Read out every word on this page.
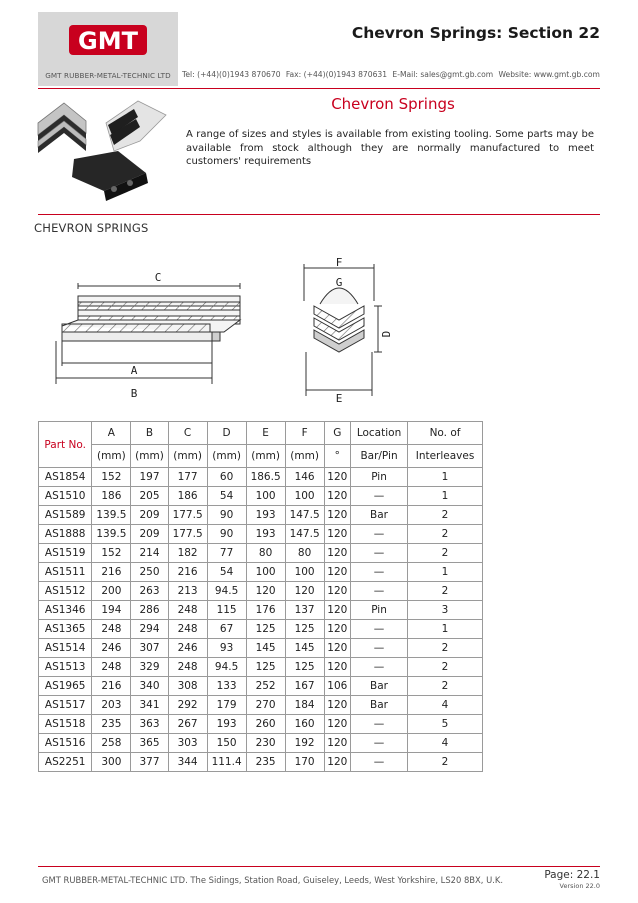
GMT
GMT RUBBER-METAL-TECHNIC LTD
Chevron Springs: Section 22
Tel: (+44)(0)1943 870670 Fax: (+44)(0)1943 870631 E-Mail: sales@gmt.gb.com Website: www.gmt.gb.com
Chevron Springs
A range of sizes and styles is available from existing tooling. Some parts may be available from stock although they are normally manufactured to meet customers' requirements
CHEVRON SPRINGS
C
A
B
F
G
D
E
Part No.	A	B	C	D	E	F	G	Location	No. of
	(mm)	(mm)	(mm)	(mm)	(mm)	(mm)	°	Bar/Pin	Interleaves
AS1854	152	197	177	60	186.5	146	120	Pin	1
AS1510	186	205	186	54	100	100	120	—	1
AS1589	139.5	209	177.5	90	193	147.5	120	Bar	2
AS1888	139.5	209	177.5	90	193	147.5	120	—	2
AS1519	152	214	182	77	80	80	120	—	2
AS1511	216	250	216	54	100	100	120	—	1
AS1512	200	263	213	94.5	120	120	120	—	2
AS1346	194	286	248	115	176	137	120	Pin	3
AS1365	248	294	248	67	125	125	120	—	1
AS1514	246	307	246	93	145	145	120	—	2
AS1513	248	329	248	94.5	125	125	120	—	2
AS1965	216	340	308	133	252	167	106	Bar	2
AS1517	203	341	292	179	270	184	120	Bar	4
AS1518	235	363	267	193	260	160	120	—	5
AS1516	258	365	303	150	230	192	120	—	4
AS2251	300	377	344	111.4	235	170	120	—	2
GMT RUBBER-METAL-TECHNIC LTD. The Sidings, Station Road, Guiseley, Leeds, West Yorkshire, LS20 8BX, U.K.	Page: 22.1
Version 22.0
